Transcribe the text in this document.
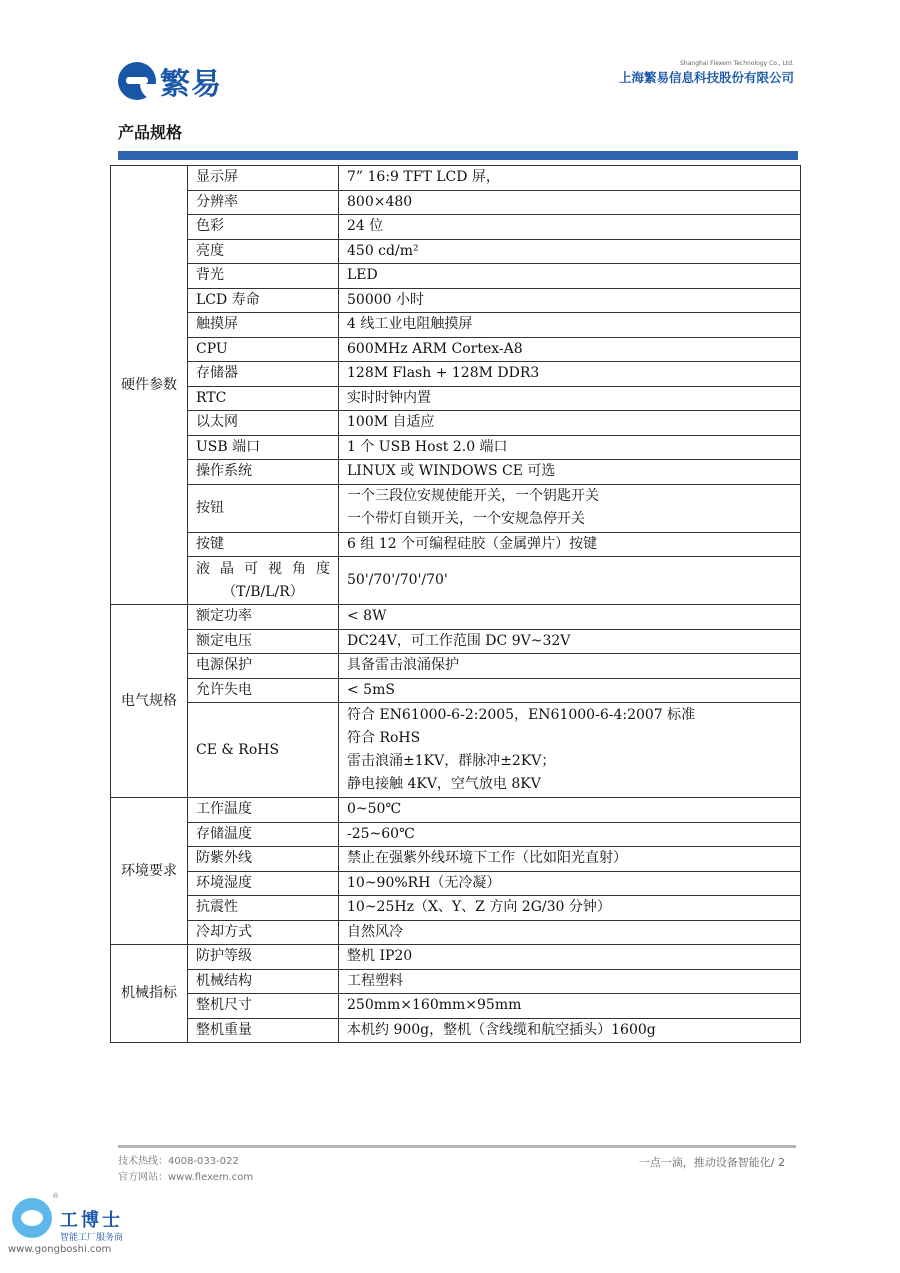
繁易
Shanghai Flexem Technology Co., Ltd.
上海繁易信息科技股份有限公司
产品规格
硬件参数	显示屏	7” 16:9 TFT LCD 屏，
	分辨率	800×480
	色彩	24 位
	亮度	450 cd/m²
	背光	LED
	LCD 寿命	50000 小时
	触摸屏	4 线工业电阻触摸屏
	CPU	600MHz ARM Cortex-A8
	存储器	128M Flash + 128M DDR3
	RTC	实时时钟内置
	以太网	100M 自适应
	USB 端口	1 个 USB Host 2.0 端口
	操作系统	LINUX 或 WINDOWS CE 可选
	按钮	一个三段位安规使能开关，一个钥匙开关
一个带灯自锁开关，一个安规急停开关

	按键	6 组 12 个可编程硅胶（金属弹片）按键

	液晶可视角度
（T/B/L/R）	50'/70'/70'/70'
电气规格	额定功率	< 8W
	额定电压	DC24V，可工作范围 DC 9V~32V
	电源保护	具备雷击浪涌保护
	允许失电	< 5mS
	CE & RoHS	符合 EN61000-6-2:2005，EN61000-6-4:2007 标准
符合 RoHS
雷击浪涌±1KV，群脉冲±2KV；
静电接触 4KV，空气放电 8KV

环境要求	工作温度	0~50℃
	存储温度	-25~60℃
	防紫外线	禁止在强紫外线环境下工作（比如阳光直射）
	环境湿度	10~90%RH（无冷凝）
	抗震性	10~25Hz（X、Y、Z 方向 2G/30 分钟）
	冷却方式	自然风冷
机械指标	防护等级	整机 IP20
	机械结构	工程塑料
	整机尺寸	250mm×160mm×95mm
	整机重量	本机约 900g，整机（含线缆和航空插头）1600g
技术热线：4008-033-022
官方网站：www.flexem.com
一点一滴，推动设备智能化/ 2
®
工博士
智能工厂服务商
www.gongboshi.com
